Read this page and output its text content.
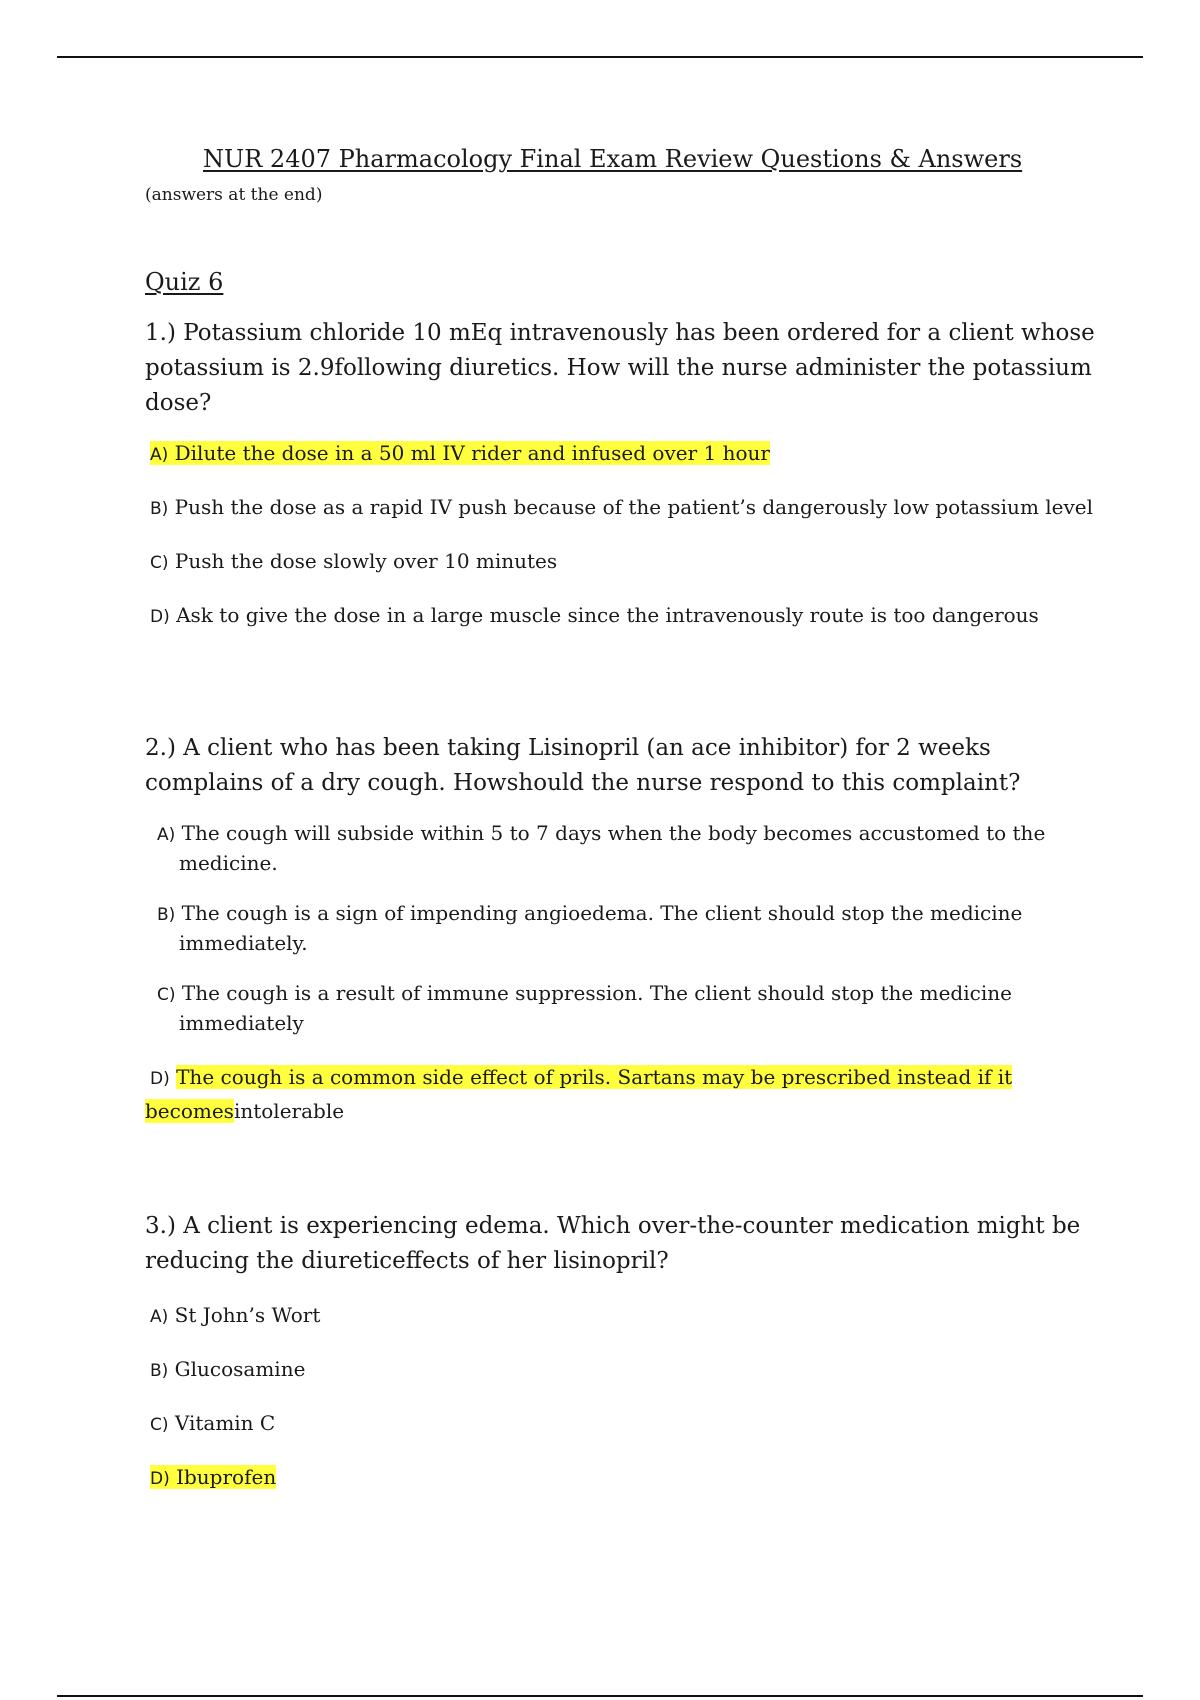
NUR 2407 Pharmacology Final Exam Review Questions & Answers

(answers at the end)

Quiz 6

1.) Potassium chloride 10 mEq intravenously has been ordered for a client whose potassium is 2.9following diuretics. How will the nurse administer the potassium dose?

A) Dilute the dose in a 50 ml IV rider and infused over 1 hour
B) Push the dose as a rapid IV push because of the patient’s dangerously low potassium level
C) Push the dose slowly over 10 minutes
D) Ask to give the dose in a large muscle since the intravenously route is too dangerous

2.) A client who has been taking Lisinopril (an ace inhibitor) for 2 weeks complains of a dry cough. Howshould the nurse respond to this complaint?

A) The cough will subside within 5 to 7 days when the body becomes accustomed to the medicine.
B) The cough is a sign of impending angioedema. The client should stop the medicine immediately.
C) The cough is a result of immune suppression. The client should stop the medicine immediately
D) The cough is a common side effect of prils. Sartans may be prescribed instead if it
becomesintolerable

3.) A client is experiencing edema. Which over-the-counter medication might be reducing the diureticeffects of her lisinopril?

A) St John’s Wort
B) Glucosamine
C) Vitamin C
D) Ibuprofen
